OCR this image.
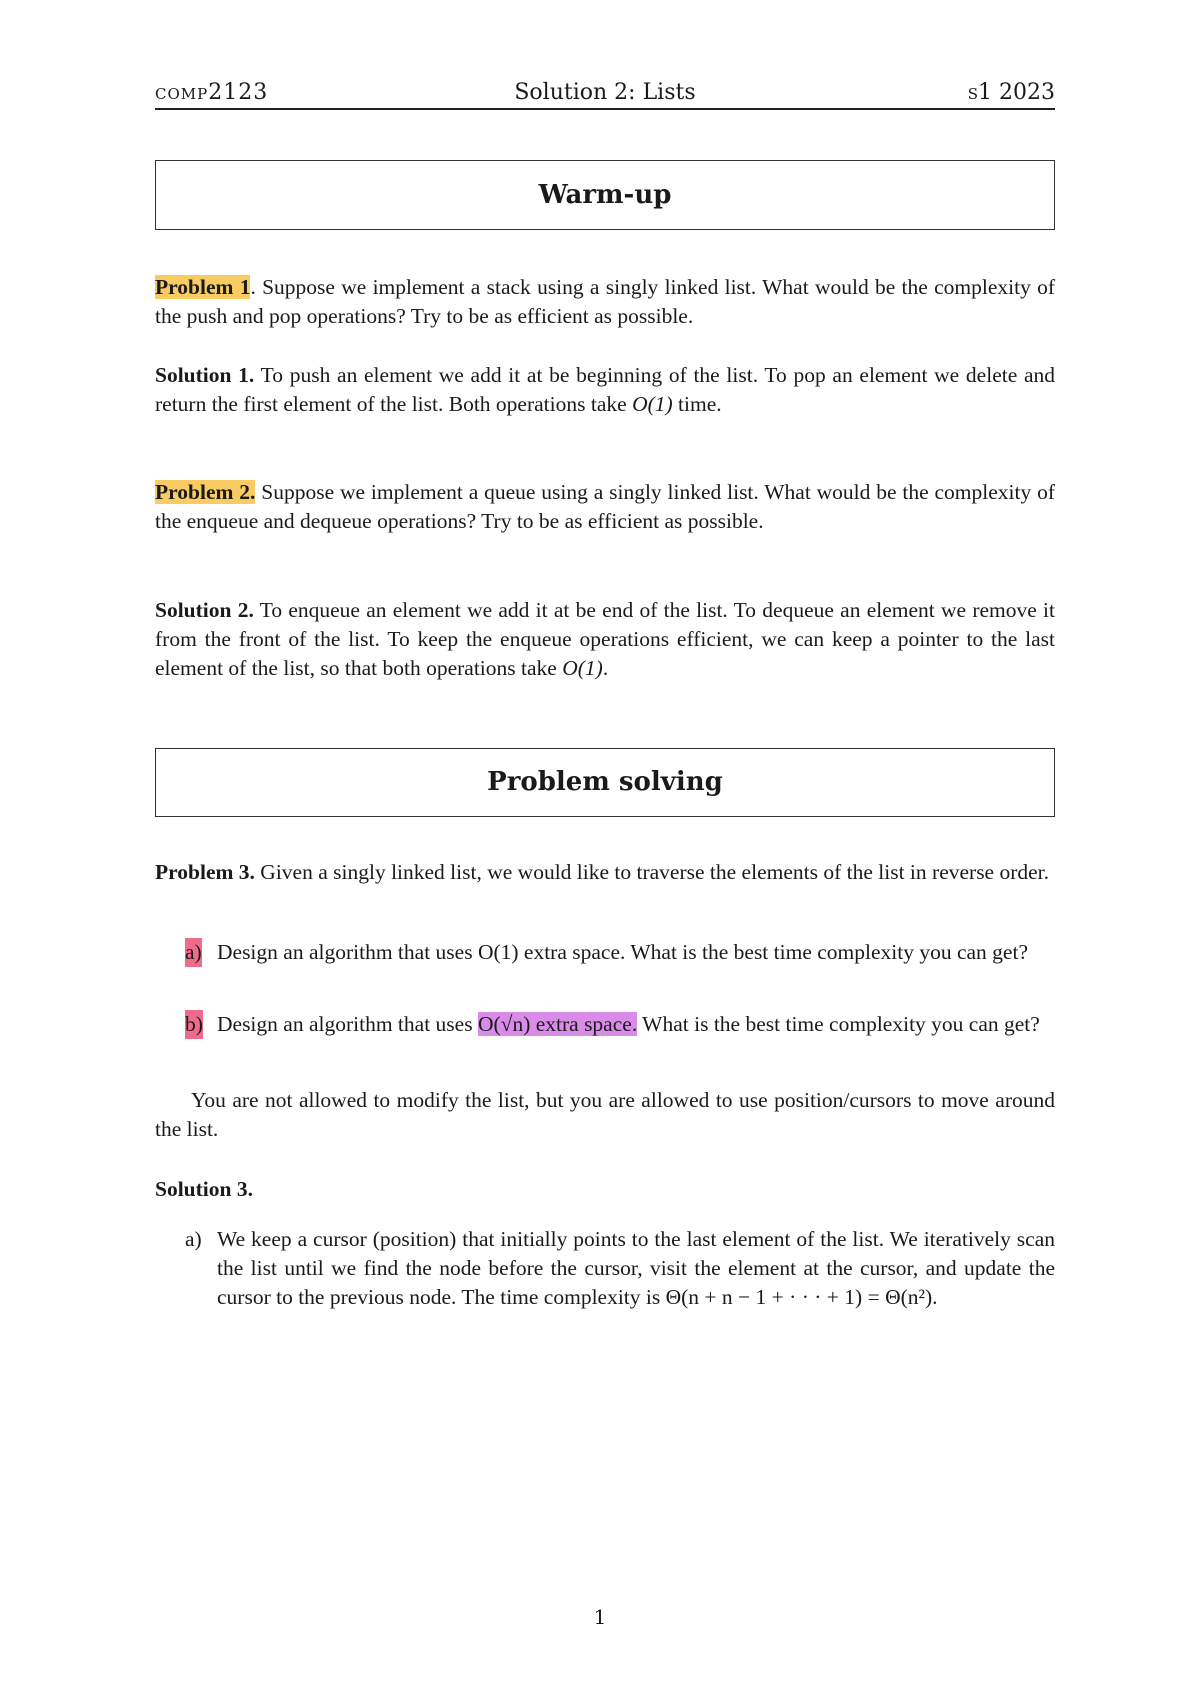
comp2123	Solution 2: Lists	s1 2023
Warm-up
Problem 1. Suppose we implement a stack using a singly linked list. What would be the complexity of the push and pop operations? Try to be as efficient as possible.
Solution 1. To push an element we add it at be beginning of the list. To pop an element we delete and return the first element of the list. Both operations take O(1) time.
Problem 2. Suppose we implement a queue using a singly linked list. What would be the complexity of the enqueue and dequeue operations? Try to be as efficient as possible.
Solution 2. To enqueue an element we add it at be end of the list. To dequeue an element we remove it from the front of the list. To keep the enqueue operations efficient, we can keep a pointer to the last element of the list, so that both operations take O(1).
Problem solving
Problem 3. Given a singly linked list, we would like to traverse the elements of the list in reverse order.
a) Design an algorithm that uses O(1) extra space. What is the best time complexity you can get?
b) Design an algorithm that uses O(√n) extra space. What is the best time complexity you can get?
You are not allowed to modify the list, but you are allowed to use position/cursors to move around the list.
Solution 3.
a) We keep a cursor (position) that initially points to the last element of the list. We iteratively scan the list until we find the node before the cursor, visit the element at the cursor, and update the cursor to the previous node. The time complexity is Θ(n + n − 1 + · · · + 1) = Θ(n²).
1
